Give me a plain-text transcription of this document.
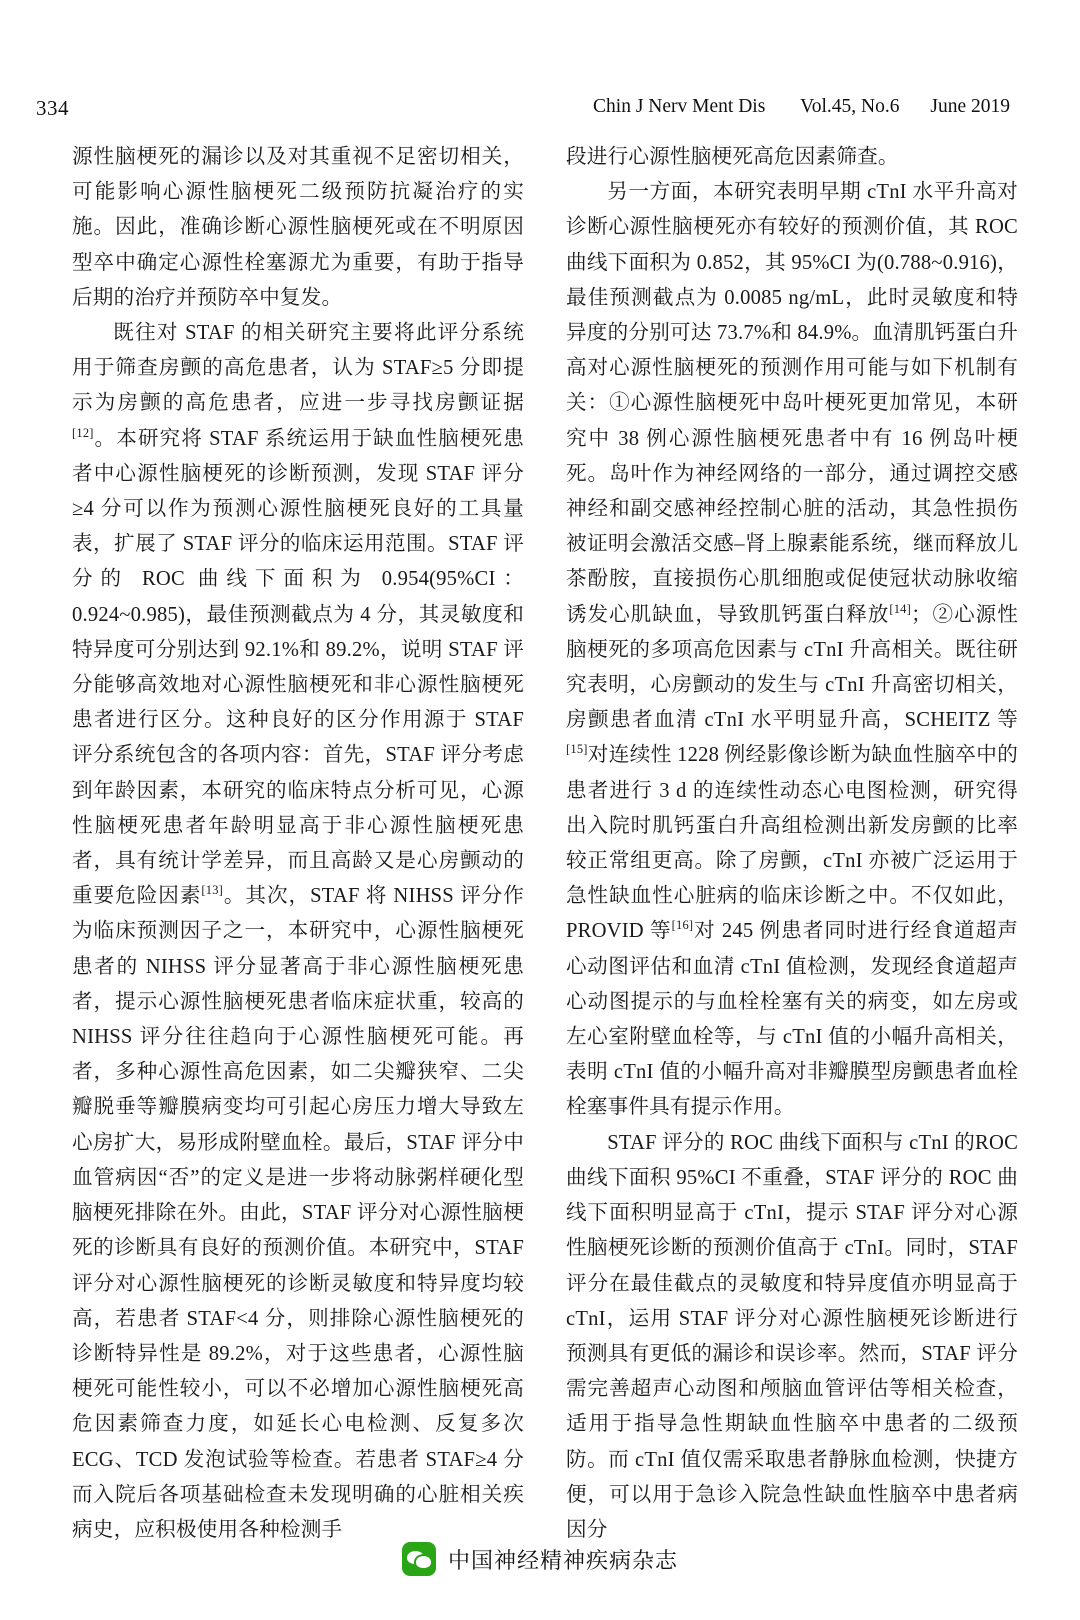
334	Chin J Nerv Ment Dis Vol.45, No.6 June 2019

源性脑梗死的漏诊以及对其重视不足密切相关，可能影响心源性脑梗死二级预防抗凝治疗的实施。因此，准确诊断心源性脑梗死或在不明原因型卒中确定心源性栓塞源尤为重要，有助于指导后期的治疗并预防卒中复发。

既往对 STAF 的相关研究主要将此评分系统用于筛查房颤的高危患者，认为 STAF≥5 分即提示为房颤的高危患者，应进一步寻找房颤证据[12]。本研究将 STAF 系统运用于缺血性脑梗死患者中心源性脑梗死的诊断预测，发现 STAF 评分≥4 分可以作为预测心源性脑梗死良好的工具量表，扩展了 STAF 评分的临床运用范围。STAF 评分的 ROC 曲线下面积为 0.954(95%CI：0.924~0.985)，最佳预测截点为 4 分，其灵敏度和特异度可分别达到 92.1%和 89.2%，说明 STAF 评分能够高效地对心源性脑梗死和非心源性脑梗死患者进行区分。这种良好的区分作用源于 STAF 评分系统包含的各项内容：首先，STAF 评分考虑到年龄因素，本研究的临床特点分析可见，心源性脑梗死患者年龄明显高于非心源性脑梗死患者，具有统计学差异，而且高龄又是心房颤动的重要危险因素[13]。其次，STAF 将 NIHSS 评分作为临床预测因子之一，本研究中，心源性脑梗死患者的 NIHSS 评分显著高于非心源性脑梗死患者，提示心源性脑梗死患者临床症状重，较高的 NIHSS 评分往往趋向于心源性脑梗死可能。再者，多种心源性高危因素，如二尖瓣狭窄、二尖瓣脱垂等瓣膜病变均可引起心房压力增大导致左心房扩大，易形成附壁血栓。最后，STAF 评分中血管病因“否”的定义是进一步将动脉粥样硬化型脑梗死排除在外。由此，STAF 评分对心源性脑梗死的诊断具有良好的预测价值。本研究中，STAF 评分对心源性脑梗死的诊断灵敏度和特异度均较高，若患者 STAF<4 分，则排除心源性脑梗死的诊断特异性是 89.2%，对于这些患者，心源性脑梗死可能性较小，可以不必增加心源性脑梗死高危因素筛查力度，如延长心电检测、反复多次 ECG、TCD 发泡试验等检查。若患者 STAF≥4 分而入院后各项基础检查未发现明确的心脏相关疾病史，应积极使用各种检测手

段进行心源性脑梗死高危因素筛查。

另一方面，本研究表明早期 cTnI 水平升高对诊断心源性脑梗死亦有较好的预测价值，其 ROC 曲线下面积为 0.852，其 95%CI 为(0.788~0.916)，最佳预测截点为 0.0085 ng/mL，此时灵敏度和特异度的分别可达 73.7%和 84.9%。血清肌钙蛋白升高对心源性脑梗死的预测作用可能与如下机制有关：①心源性脑梗死中岛叶梗死更加常见，本研究中 38 例心源性脑梗死患者中有 16 例岛叶梗死。岛叶作为神经网络的一部分，通过调控交感神经和副交感神经控制心脏的活动，其急性损伤被证明会激活交感–肾上腺素能系统，继而释放儿茶酚胺，直接损伤心肌细胞或促使冠状动脉收缩诱发心肌缺血，导致肌钙蛋白释放[14]；②心源性脑梗死的多项高危因素与 cTnI 升高相关。既往研究表明，心房颤动的发生与 cTnI 升高密切相关，房颤患者血清 cTnI 水平明显升高，SCHEITZ 等[15]对连续性 1228 例经影像诊断为缺血性脑卒中的患者进行 3 d 的连续性动态心电图检测，研究得出入院时肌钙蛋白升高组检测出新发房颤的比率较正常组更高。除了房颤，cTnI 亦被广泛运用于急性缺血性心脏病的临床诊断之中。不仅如此，PROVID 等[16]对 245 例患者同时进行经食道超声心动图评估和血清 cTnI 值检测，发现经食道超声心动图提示的与血栓栓塞有关的病变，如左房或左心室附壁血栓等，与 cTnI 值的小幅升高相关，表明 cTnI 值的小幅升高对非瓣膜型房颤患者血栓栓塞事件具有提示作用。

STAF 评分的 ROC 曲线下面积与 cTnI 的ROC 曲线下面积 95%CI 不重叠，STAF 评分的 ROC 曲线下面积明显高于 cTnI，提示 STAF 评分对心源性脑梗死诊断的预测价值高于 cTnI。同时，STAF 评分在最佳截点的灵敏度和特异度值亦明显高于 cTnI，运用 STAF 评分对心源性脑梗死诊断进行预测具有更低的漏诊和误诊率。然而，STAF 评分需完善超声心动图和颅脑血管评估等相关检查，适用于指导急性期缺血性脑卒中患者的二级预防。而 cTnI 值仅需采取患者静脉血检测，快捷方便，可以用于急诊入院急性缺血性脑卒中患者病因分

中国神经精神疾病杂志
